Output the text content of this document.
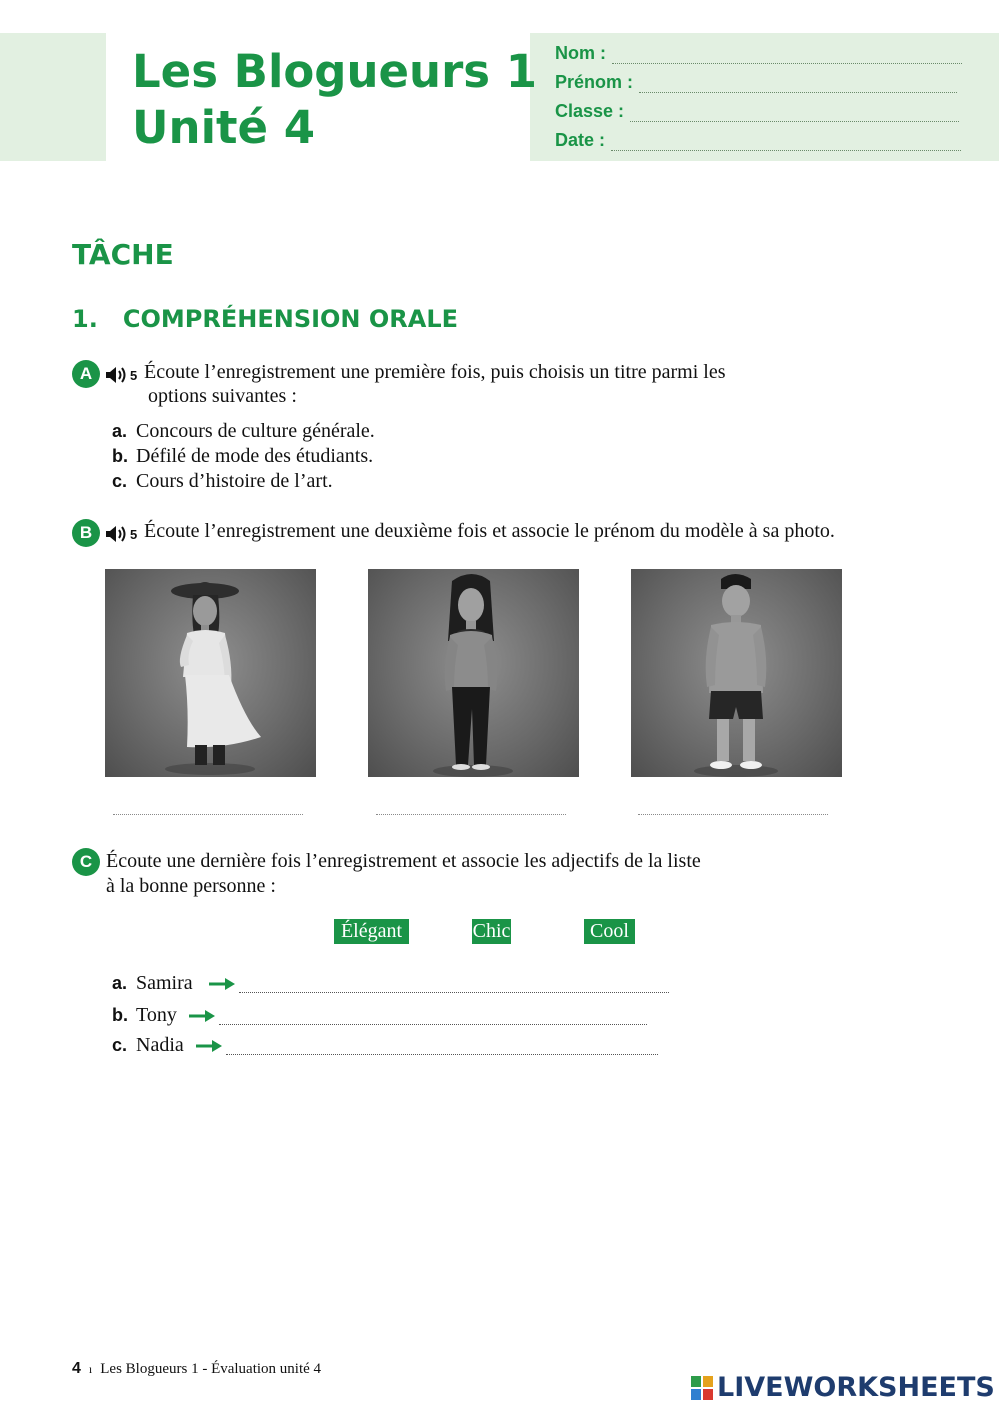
Les Blogueurs 1
Unité 4
Nom :
Prénom :
Classe :
Date :
TÂCHE
1.   COMPRÉHENSION ORALE
A	5 Écoute l’enregistrement une première fois, puis choisis un titre parmi les
options suivantes :
a. Concours de culture générale.
b. Défilé de mode des étudiants.
c. Cours d’histoire de l’art.
B	5 Écoute l’enregistrement une deuxième fois et associe le prénom du modèle à sa photo.
C Écoute une dernière fois l’enregistrement et associe les adjectifs de la liste
à la bonne personne :
Élégant	Chic	Cool
a. Samira
b. Tony
c. Nadia
4 ı Les Blogueurs 1 - Évaluation unité 4
LIVEWORKSHEETS
